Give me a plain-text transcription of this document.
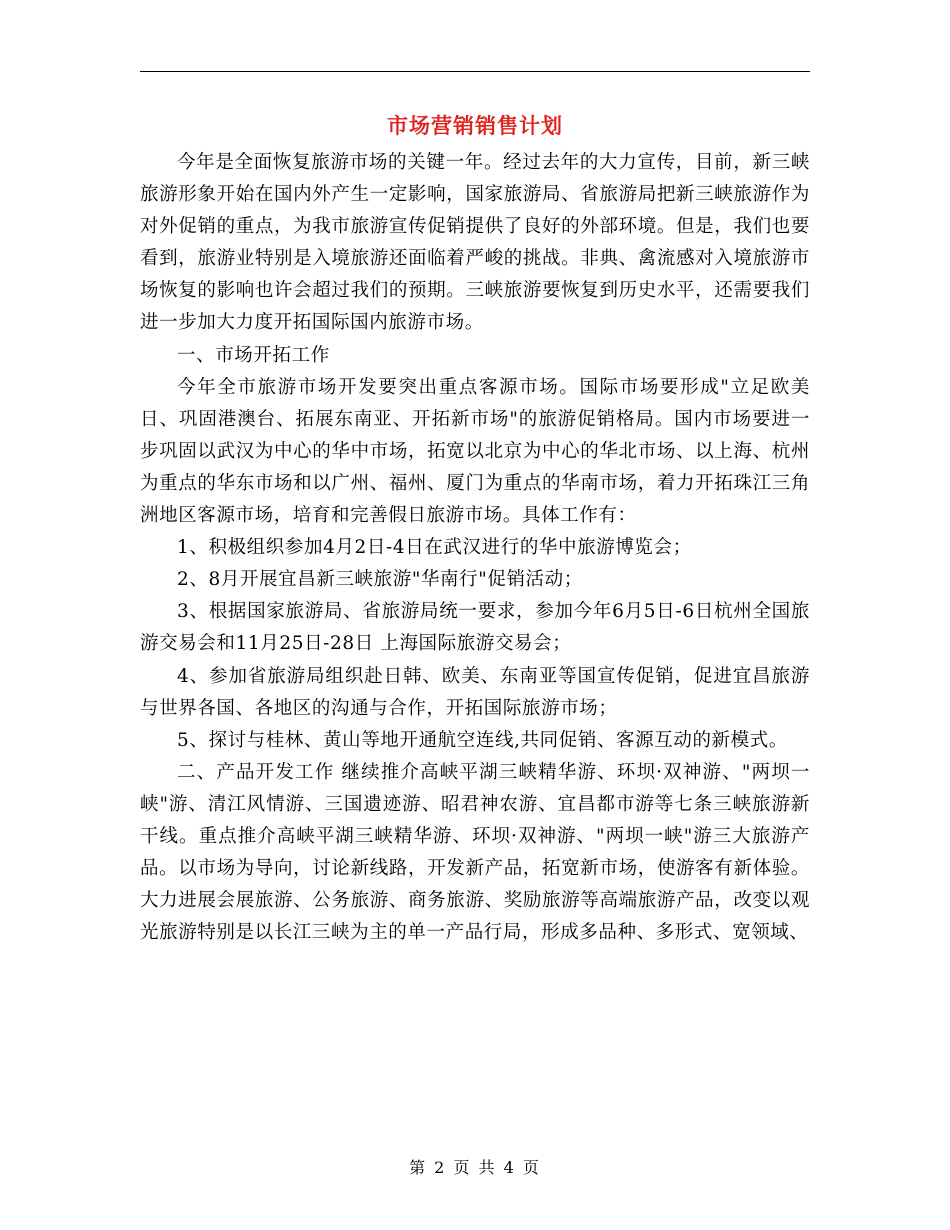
市场营销销售计划

今年是全面恢复旅游市场的关键一年。经过去年的大力宣传，目前，新三峡旅游形象开始在国内外产生一定影响，国家旅游局、省旅游局把新三峡旅游作为对外促销的重点，为我市旅游宣传促销提供了良好的外部环境。但是，我们也要看到，旅游业特别是入境旅游还面临着严峻的挑战。非典、禽流感对入境旅游市场恢复的影响也许会超过我们的预期。三峡旅游要恢复到历史水平，还需要我们进一步加大力度开拓国际国内旅游市场。

一、市场开拓工作

今年全市旅游市场开发要突出重点客源市场。国际市场要形成"立足欧美日、巩固港澳台、拓展东南亚、开拓新市场"的旅游促销格局。国内市场要进一步巩固以武汉为中心的华中市场，拓宽以北京为中心的华北市场、以上海、杭州为重点的华东市场和以广州、福州、厦门为重点的华南市场，着力开拓珠江三角洲地区客源市场，培育和完善假日旅游市场。具体工作有：

1、积极组织参加4月2日-4日在武汉进行的华中旅游博览会；

2、8月开展宜昌新三峡旅游"华南行"促销活动；

3、根据国家旅游局、省旅游局统一要求，参加今年6月5日-6日杭州全国旅游交易会和11月25日-28日 上海国际旅游交易会；

4、参加省旅游局组织赴日韩、欧美、东南亚等国宣传促销，促进宜昌旅游与世界各国、各地区的沟通与合作，开拓国际旅游市场；

5、探讨与桂林、黄山等地开通航空连线,共同促销、客源互动的新模式。

二、产品开发工作 继续推介高峡平湖三峡精华游、环坝·双神游、"两坝一峡"游、清江风情游、三国遗迹游、昭君神农游、宜昌都市游等七条三峡旅游新干线。重点推介高峡平湖三峡精华游、环坝·双神游、"两坝一峡"游三大旅游产品。以市场为导向，讨论新线路，开发新产品，拓宽新市场，使游客有新体验。大力进展会展旅游、公务旅游、商务旅游、奖励旅游等高端旅游产品，改变以观光旅游特别是以长江三峡为主的单一产品行局，形成多品种、多形式、宽领域、

第 2 页 共 4 页
